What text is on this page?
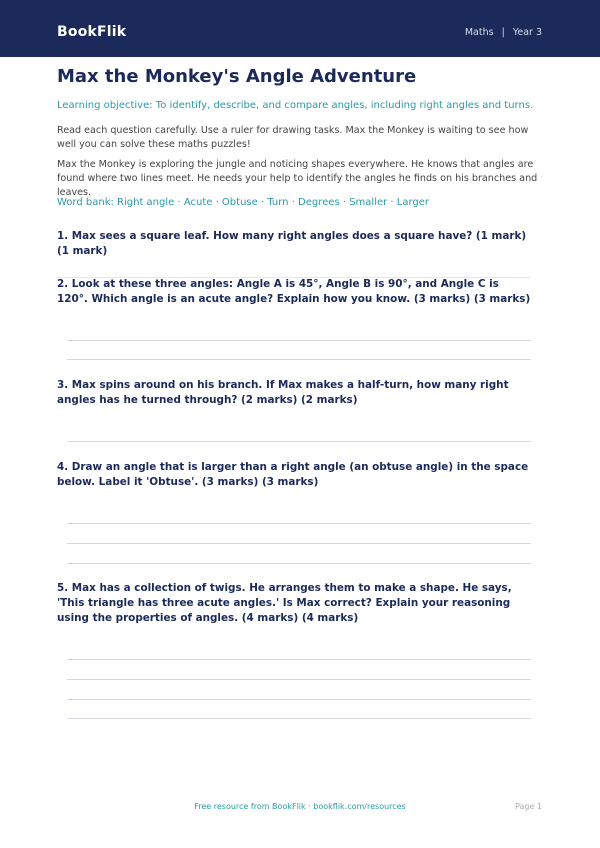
BookFlik	Maths | Year 3
Max the Monkey's Angle Adventure

Learning objective: To identify, describe, and compare angles, including right angles and turns.

Read each question carefully. Use a ruler for drawing tasks. Max the Monkey is waiting to see how well you can solve these maths puzzles!

Max the Monkey is exploring the jungle and noticing shapes everywhere. He knows that angles are found where two lines meet. He needs your help to identify the angles he finds on his branches and leaves.

Word bank: Right angle · Acute · Obtuse · Turn · Degrees · Smaller · Larger

1. Max sees a square leaf. How many right angles does a square have? (1 mark) (1 mark)

2. Look at these three angles: Angle A is 45°, Angle B is 90°, and Angle C is 120°. Which angle is an acute angle? Explain how you know. (3 marks) (3 marks)

3. Max spins around on his branch. If Max makes a half-turn, how many right angles has he turned through? (2 marks) (2 marks)

4. Draw an angle that is larger than a right angle (an obtuse angle) in the space below. Label it 'Obtuse'. (3 marks) (3 marks)

5. Max has a collection of twigs. He arranges them to make a shape. He says, 'This triangle has three acute angles.' Is Max correct? Explain your reasoning using the properties of angles. (4 marks) (4 marks)

Free resource from BookFlik · bookflik.com/resources	Page 1
